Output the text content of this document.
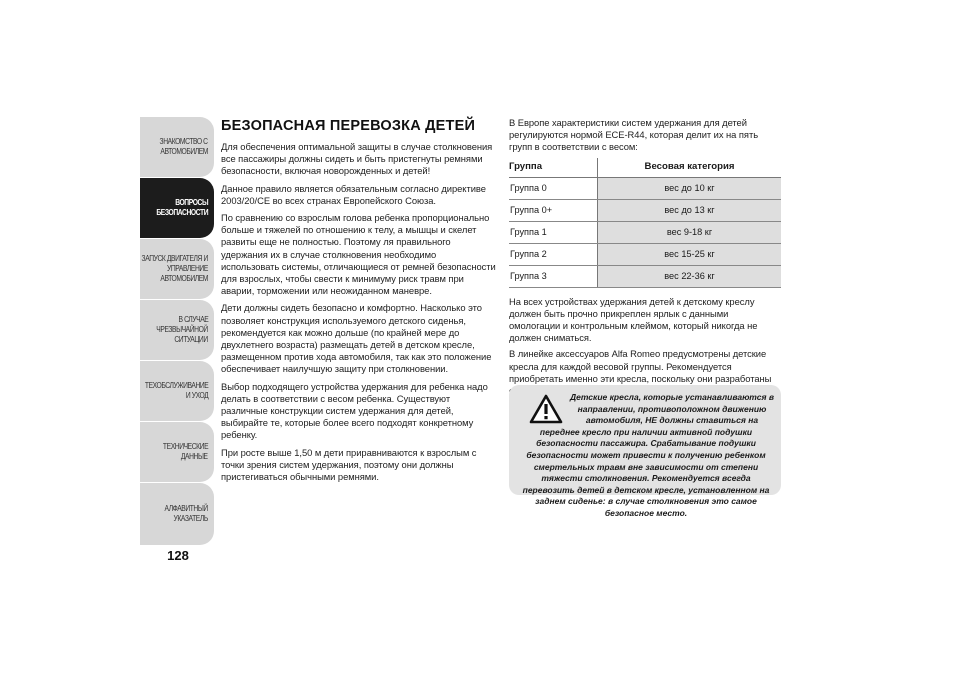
ЗНАКОМСТВО С
АВТОМОБИЛЕМ
ВОПРОСЫ
БЕЗОПАСНОСТИ
ЗАПУСК ДВИГАТЕЛЯ И
УПРАВЛЕНИЕ
АВТОМОБИЛЕМ
В СЛУЧАЕ
ЧРЕЗВЫЧАЙНОЙ
СИТУАЦИИ
ТЕХОБСЛУЖИВАНИЕ
И УХОД
ТЕХНИЧЕСКИЕ
ДАННЫЕ
АЛФАВИТНЫЙ
УКАЗАТЕЛЬ
128
БЕЗОПАСНАЯ ПЕРЕВОЗКА ДЕТЕЙ

Для обеспечения оптимальной защиты в случае столкновения все пассажиры должны сидеть и быть пристегнуты ремнями безопасности, включая новорожденных и детей!

Данное правило является обязательным согласно директиве 2003/20/CE во всех странах Европейского Союза.

По сравнению со взрослым голова ребенка пропорционально больше и тяжелей по отношению к телу, а мышцы и скелет развиты еще не полностью. Поэтому ля правильного удержания их в случае столкновения необходимо использовать системы, отличающиеся от ремней безопасности для взрослых, чтобы свести к минимуму риск травм при аварии, торможении или неожиданном маневре.

Дети должны сидеть безопасно и комфортно. Насколько это позволяет конструкция используемого детского сиденья, рекомендуется как можно дольше (по крайней мере до двухлетнего возраста) размещать детей в детском кресле, размещенном против хода автомобиля, так как это положение обеспечивает наилучшую защиту при столкновении.

Выбор подходящего устройства удержания для ребенка надо делать в соответствии с весом ребенка. Существуют различные конструкции систем удержания для детей, выбирайте те, которые более всего подходят конкретному ребенку.

При росте выше 1,50 м дети приравниваются к взрослым с точки зрения систем удержания, поэтому они должны пристегиваться обычными ремнями.

В Европе характеристики систем удержания для детей регулируются нормой ECE-R44, которая делит их на пять групп в соответствии с весом:

Группа	Весовая категория
Группа 0	вес до 10 кг
Группа 0+	вес до 13 кг
Группа 1	вес 9-18 кг
Группа 2	вес 15-25 кг
Группа 3	вес 22-36 кг

На всех устройствах удержания детей к детскому креслу должен быть прочно прикреплен ярлык с данными омологации и контрольным клеймом, который никогда не должен сниматься.

В линейке аксессуаров Alfa Romeo предусмотрены детские кресла для каждой весовой группы. Рекомендуется приобретать именно эти кресла, поскольку они разработаны

Детские кресла, которые устанавливаются в направлении, противоположном движению автомобиля, НЕ должны ставиться на переднее кресло при наличии активной подушки безопасности пассажира. Срабатывание подушки безопасности может привести к получению ребенком смертельных травм вне зависимости от степени тяжести столкновения. Рекомендуется всегда перевозить детей в детском кресле, установленном на заднем сиденье: в случае столкновения это самое безопасное место.
